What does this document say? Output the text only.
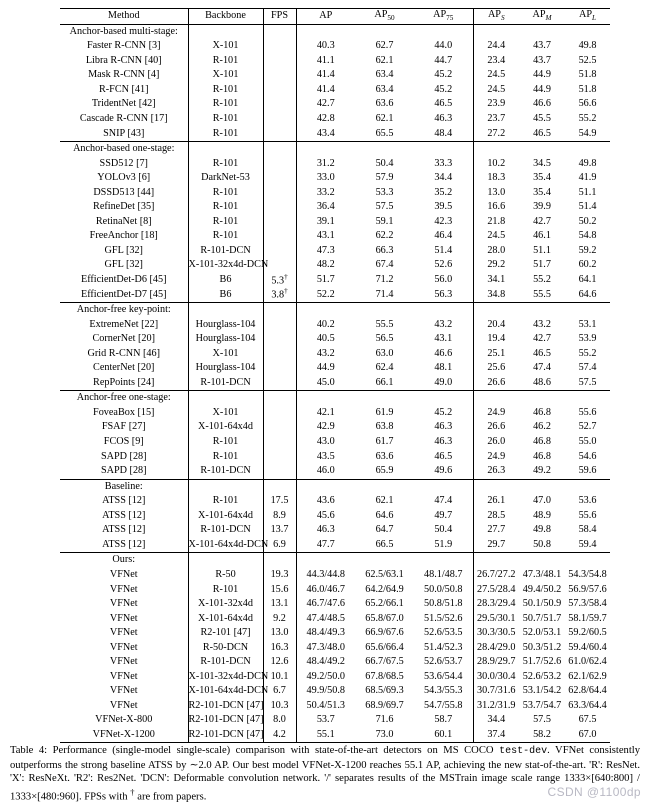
Method	Backbone	FPS	AP	$AP_{50}$	$AP_{75}$	$AP_S$	$AP_M$	$AP_L$
Anchor-based multi-stage:								
Faster R-CNN [3]	X-101		40.3	62.7	44.0	24.4	43.7	49.8
Libra R-CNN [40]	R-101		41.1	62.1	44.7	23.4	43.7	52.5
Mask R-CNN [4]	X-101		41.4	63.4	45.2	24.5	44.9	51.8
R-FCN [41]	R-101		41.4	63.4	45.2	24.5	44.9	51.8
TridentNet [42]	R-101		42.7	63.6	46.5	23.9	46.6	56.6
Cascade R-CNN [17]	R-101		42.8	62.1	46.3	23.7	45.5	55.2
SNIP [43]	R-101		43.4	65.5	48.4	27.2	46.5	54.9
Anchor-based one-stage:								
SSD512 [7]	R-101		31.2	50.4	33.3	10.2	34.5	49.8
YOLOv3 [6]	DarkNet-53		33.0	57.9	34.4	18.3	35.4	41.9
DSSD513 [44]	R-101		33.2	53.3	35.2	13.0	35.4	51.1
RefineDet [35]	R-101		36.4	57.5	39.5	16.6	39.9	51.4
RetinaNet [8]	R-101		39.1	59.1	42.3	21.8	42.7	50.2
FreeAnchor [18]	R-101		43.1	62.2	46.4	24.5	46.1	54.8
GFL [32]	R-101-DCN		47.3	66.3	51.4	28.0	51.1	59.2
GFL [32]	X-101-32x4d-DCN		48.2	67.4	52.6	29.2	51.7	60.2
EfficientDet-D6 [45]	B6	5.3†	51.7	71.2	56.0	34.1	55.2	64.1
EfficientDet-D7 [45]	B6	3.8†	52.2	71.4	56.3	34.8	55.5	64.6
Anchor-free key-point:								
ExtremeNet [22]	Hourglass-104		40.2	55.5	43.2	20.4	43.2	53.1
CornerNet [20]	Hourglass-104		40.5	56.5	43.1	19.4	42.7	53.9
Grid R-CNN [46]	X-101		43.2	63.0	46.6	25.1	46.5	55.2
CenterNet [20]	Hourglass-104		44.9	62.4	48.1	25.6	47.4	57.4
RepPoints [24]	R-101-DCN		45.0	66.1	49.0	26.6	48.6	57.5
Anchor-free one-stage:								
FoveaBox [15]	X-101		42.1	61.9	45.2	24.9	46.8	55.6
FSAF [27]	X-101-64x4d		42.9	63.8	46.3	26.6	46.2	52.7
FCOS [9]	R-101		43.0	61.7	46.3	26.0	46.8	55.0
SAPD [28]	R-101		43.5	63.6	46.5	24.9	46.8	54.6
SAPD [28]	R-101-DCN		46.0	65.9	49.6	26.3	49.2	59.6
Baseline:								
ATSS [12]	R-101	17.5	43.6	62.1	47.4	26.1	47.0	53.6
ATSS [12]	X-101-64x4d	8.9	45.6	64.6	49.7	28.5	48.9	55.6
ATSS [12]	R-101-DCN	13.7	46.3	64.7	50.4	27.7	49.8	58.4
ATSS [12]	X-101-64x4d-DCN	6.9	47.7	66.5	51.9	29.7	50.8	59.4
Ours:								
VFNet	R-50	19.3	44.3/44.8	62.5/63.1	48.1/48.7	26.7/27.2	47.3/48.1	54.3/54.8
VFNet	R-101	15.6	46.0/46.7	64.2/64.9	50.0/50.8	27.5/28.4	49.4/50.2	56.9/57.6
VFNet	X-101-32x4d	13.1	46.7/47.6	65.2/66.1	50.8/51.8	28.3/29.4	50.1/50.9	57.3/58.4
VFNet	X-101-64x4d	9.2	47.4/48.5	65.8/67.0	51.5/52.6	29.5/30.1	50.7/51.7	58.1/59.7
VFNet	R2-101 [47]	13.0	48.4/49.3	66.9/67.6	52.6/53.5	30.3/30.5	52.0/53.1	59.2/60.5
VFNet	R-50-DCN	16.3	47.3/48.0	65.6/66.4	51.4/52.3	28.4/29.0	50.3/51.2	59.4/60.4
VFNet	R-101-DCN	12.6	48.4/49.2	66.7/67.5	52.6/53.7	28.9/29.7	51.7/52.6	61.0/62.4
VFNet	X-101-32x4d-DCN	10.1	49.2/50.0	67.8/68.5	53.6/54.4	30.0/30.4	52.6/53.2	62.1/62.9
VFNet	X-101-64x4d-DCN	6.7	49.9/50.8	68.5/69.3	54.3/55.3	30.7/31.6	53.1/54.2	62.8/64.4
VFNet	R2-101-DCN [47]	10.3	50.4/51.3	68.9/69.7	54.7/55.8	31.2/31.9	53.7/54.7	63.3/64.4
VFNet-X-800	R2-101-DCN [47]	8.0	53.7	71.6	58.7	34.4	57.5	67.5
VFNet-X-1200	R2-101-DCN [47]	4.2	55.1	73.0	60.1	37.4	58.2	67.0
Table 4: Performance (single-model single-scale) comparison with state-of-the-art detectors on MS COCO test-dev. VFNet consistently outperforms the strong baseline ATSS by ∼2.0 AP. Our best model VFNet-X-1200 reaches 55.1 AP, achieving the new stat-of-the-art. 'R': ResNet. 'X': ResNeXt. 'R2': Res2Net. 'DCN': Deformable convolution network. '/' separates results of the MSTrain image scale range 1333×[640:800] / 1333×[480:960]. FPSs with † are from papers.	CSDN @1100dp
